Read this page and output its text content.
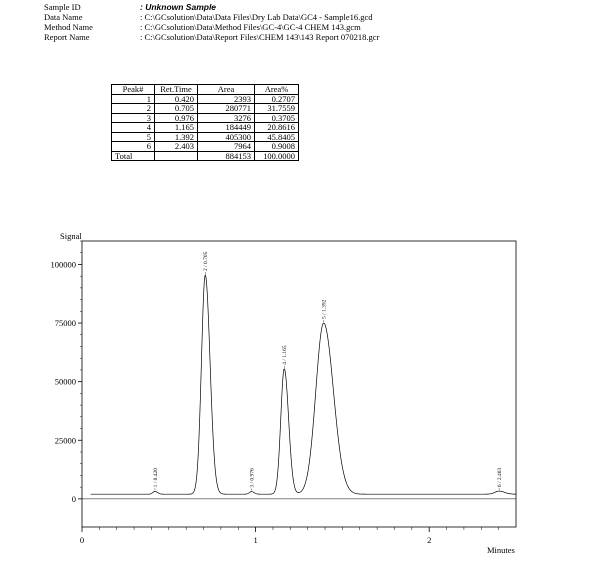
Sample ID	: Unknown Sample
Data Name	: C:\GCsolution\Data\Data Files\Dry Lab Data\GC4 - Sample16.gcd
Method Name	: C:\GCsolution\Data\Method Files\GC-4\GC-4 CHEM 143.gcm
Report Name	: C:\GCsolution\Data\Report Files\CHEM 143\143 Report 070218.gcr
Peak#	Ret.Time	Area	Area%
1	0.420	2393	0.2707
2	0.705	280771	31.7559
3	0.976	3276	0.3705
4	1.165	184449	20.8616
5	1.392	405300	45.8405
6	2.403	7964	0.9008
Total		884153	100.0000
0
25000
50000
75000
100000
0	1	2
Signal
Minutes
1 / 0.420
2 / 0.705
3 / 0.976
4 / 1.165
5 / 1.392
6 / 2.403
